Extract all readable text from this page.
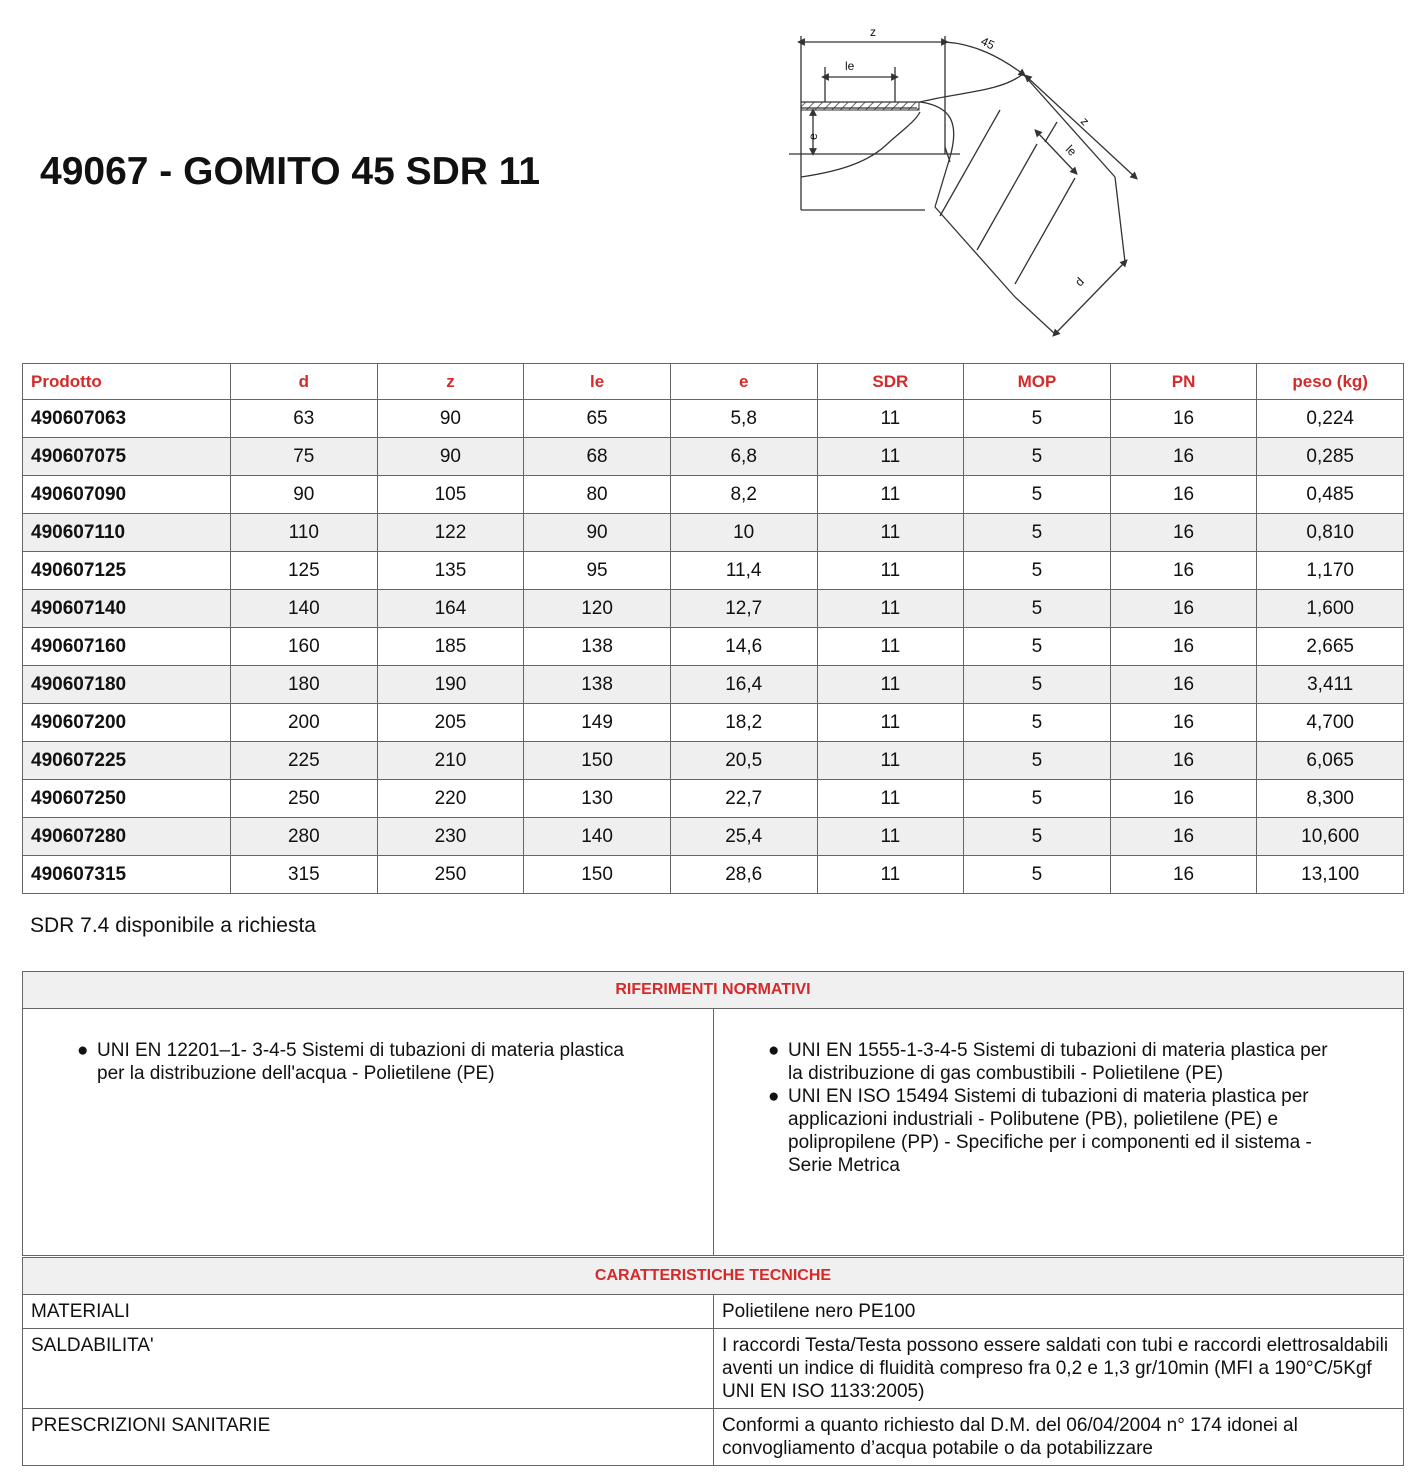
49067 - GOMITO 45 SDR 11
z
45
le
e
z
le
d
Prodotto	d	z	le	e	SDR	MOP	PN	peso (kg)
490607063	63	90	65	5,8	11	5	16	0,224
490607075	75	90	68	6,8	11	5	16	0,285
490607090	90	105	80	8,2	11	5	16	0,485
490607110	110	122	90	10	11	5	16	0,810
490607125	125	135	95	11,4	11	5	16	1,170
490607140	140	164	120	12,7	11	5	16	1,600
490607160	160	185	138	14,6	11	5	16	2,665
490607180	180	190	138	16,4	11	5	16	3,411
490607200	200	205	149	18,2	11	5	16	4,700
490607225	225	210	150	20,5	11	5	16	6,065
490607250	250	220	130	22,7	11	5	16	8,300
490607280	280	230	140	25,4	11	5	16	10,600
490607315	315	250	150	28,6	11	5	16	13,100
SDR 7.4 disponibile a richiesta
RIFERIMENTI NORMATIVI

● UNI EN 12201–1- 3-4-5 Sistemi di tubazioni di materia plastica per la distribuzione dell'acqua - Polietilene (PE)

● UNI EN 1555-1-3-4-5 Sistemi di tubazioni di materia plastica per la distribuzione di gas combustibili - Polietilene (PE)
● UNI EN ISO 15494 Sistemi di tubazioni di materia plastica per applicazioni industriali - Polibutene (PB), polietilene (PE) e polipropilene (PP) - Specifiche per i componenti ed il sistema - Serie Metrica
CARATTERISTICHE TECNICHE	
MATERIALI	Polietilene nero PE100
SALDABILITA'	I raccordi Testa/Testa possono essere saldati con tubi e raccordi elettrosaldabili aventi un indice di fluidità compreso fra 0,2 e 1,3 gr/10min (MFI a 190°C/5Kgf UNI EN ISO 1133:2005)
PRESCRIZIONI SANITARIE	Conformi a quanto richiesto dal D.M. del 06/04/2004 n° 174 idonei al convogliamento d’acqua potabile o da potabilizzare
